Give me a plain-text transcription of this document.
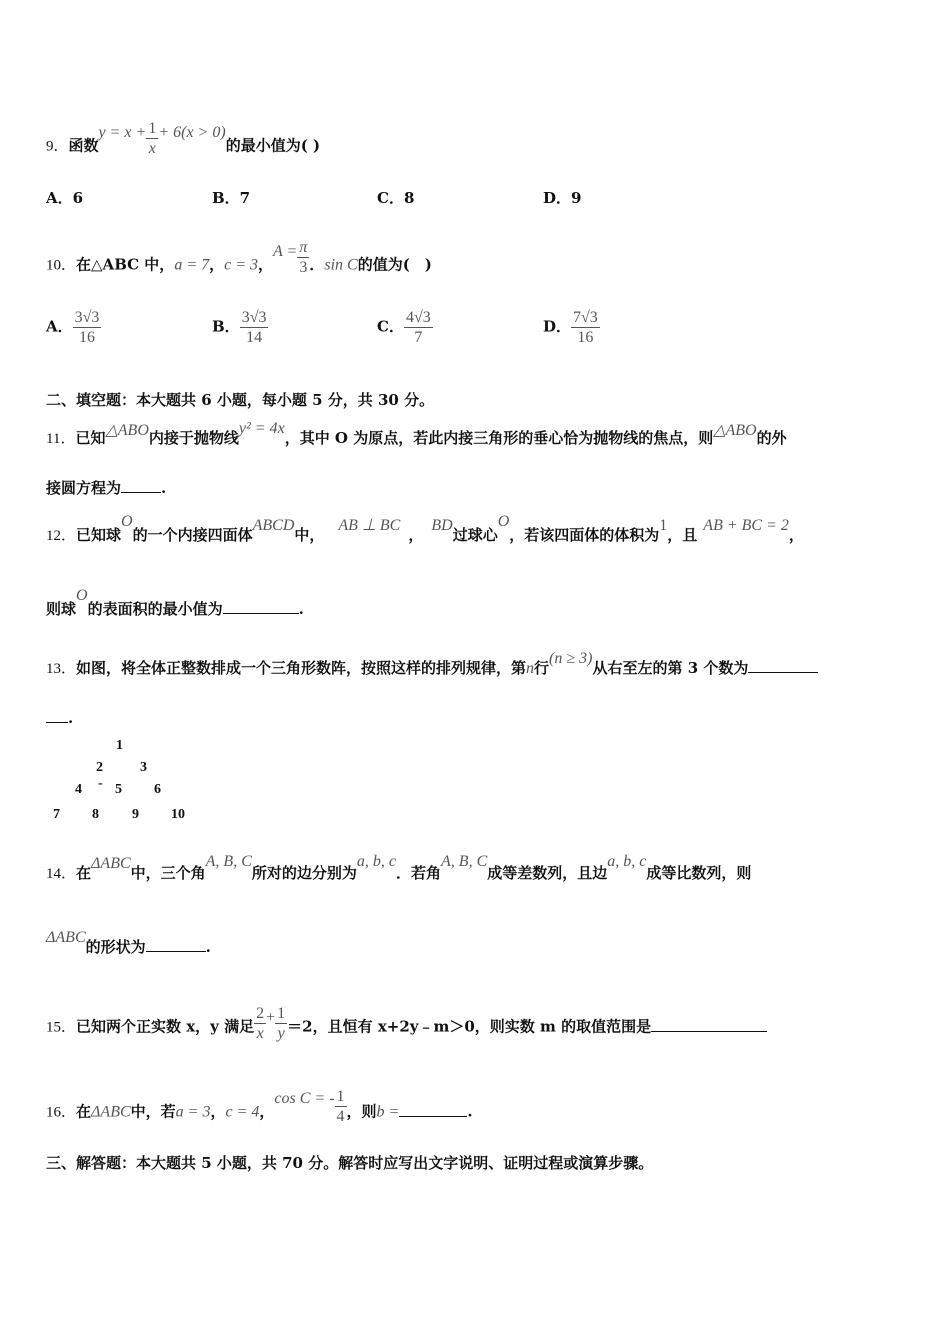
9．函数$y = x + \frac{1}{x} + 6(x > 0)$的最小值为( )
A．6	B．7	C．8	D．9
10．在△ABC 中，a = 7，c = 3，$A = \frac{\pi}{3}$ ．sin C的值为(　)
A． $\frac{3√3}{16}$	B． $\frac{3√3}{14}$	C． $\frac{4√3}{7}$	D． $\frac{7√3}{16}$
二、填空题：本大题共 6 小题，每小题 5 分，共 30 分。
11．已知△ABO内接于抛物线y² = 4x，其中 O 为原点，若此内接三角形的垂心恰为抛物线的焦点，则△ABO的外
接圆方程为	.
12．已知球O的一个内接四面体ABCD中，AB ⊥ BC，BD过球心O，若该四面体的体积为1，且AB + BC = 2，
则球O的表面积的最小值为	.
13．如图，将全体正整数排成一个三角形数阵，按照这样的排列规律，第n行(n ≥ 3)从右至左的第 3 个数为
.
1
2	3
4 - 5 6
7 8 9 10
14．在ΔABC中，三个角A, B, C所对的边分别为a, b, c．若角A, B, C成等差数列，且边a, b, c成等比数列，则
ΔABC的形状为	.
15．已知两个正实数 x，y 满足 $\frac{2}{x} + \frac{1}{y} =2$，且恒有 x+2y﹣m＞0，则实数 m 的取值范围是
16．在ΔABC中，若a = 3，c = 4，cos C = - $\frac{1}{4}$ ，则b =	.
三、解答题：本大题共 5 小题，共 70 分。解答时应写出文字说明、证明过程或演算步骤。
